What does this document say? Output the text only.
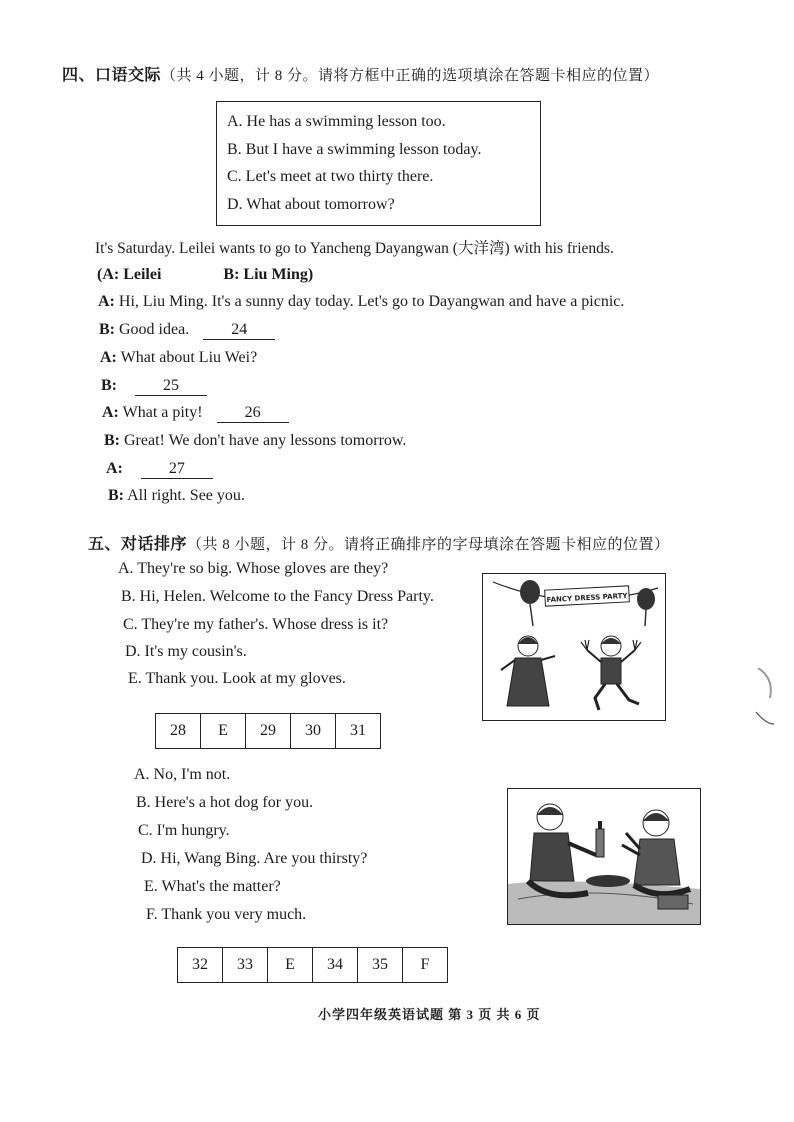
四、口语交际（共 4 小题，计 8 分。请将方框中正确的选项填涂在答题卡相应的位置）
A. He has a swimming lesson too.
B. But I have a swimming lesson today.
C. Let's meet at two thirty there.
D. What about tomorrow?
It's Saturday. Leilei wants to go to Yancheng Dayangwan (大洋湾) with his friends.
(A: Leilei	B: Liu Ming)
A: Hi, Liu Ming. It's a sunny day today. Let's go to Dayangwan and have a picnic.
B: Good idea.	24
A: What about Liu Wei?
B:	25
A: What a pity!	26
B: Great! We don't have any lessons tomorrow.
A:	27
B: All right. See you.
五、对话排序（共 8 小题，计 8 分。请将正确排序的字母填涂在答题卡相应的位置）
A. They're so big. Whose gloves are they?
B. Hi, Helen. Welcome to the Fancy Dress Party.
C. They're my father's. Whose dress is it?
D. It's my cousin's.
E. Thank you. Look at my gloves.
FANCY DRESS PARTY
28	E	29	30	31
A. No, I'm not.
B. Here's a hot dog for you.
C. I'm hungry.
D. Hi, Wang Bing. Are you thirsty?
E. What's the matter?
F. Thank you very much.
32	33	E	34	35	F
小学四年级英语试题 第 3 页 共 6 页
